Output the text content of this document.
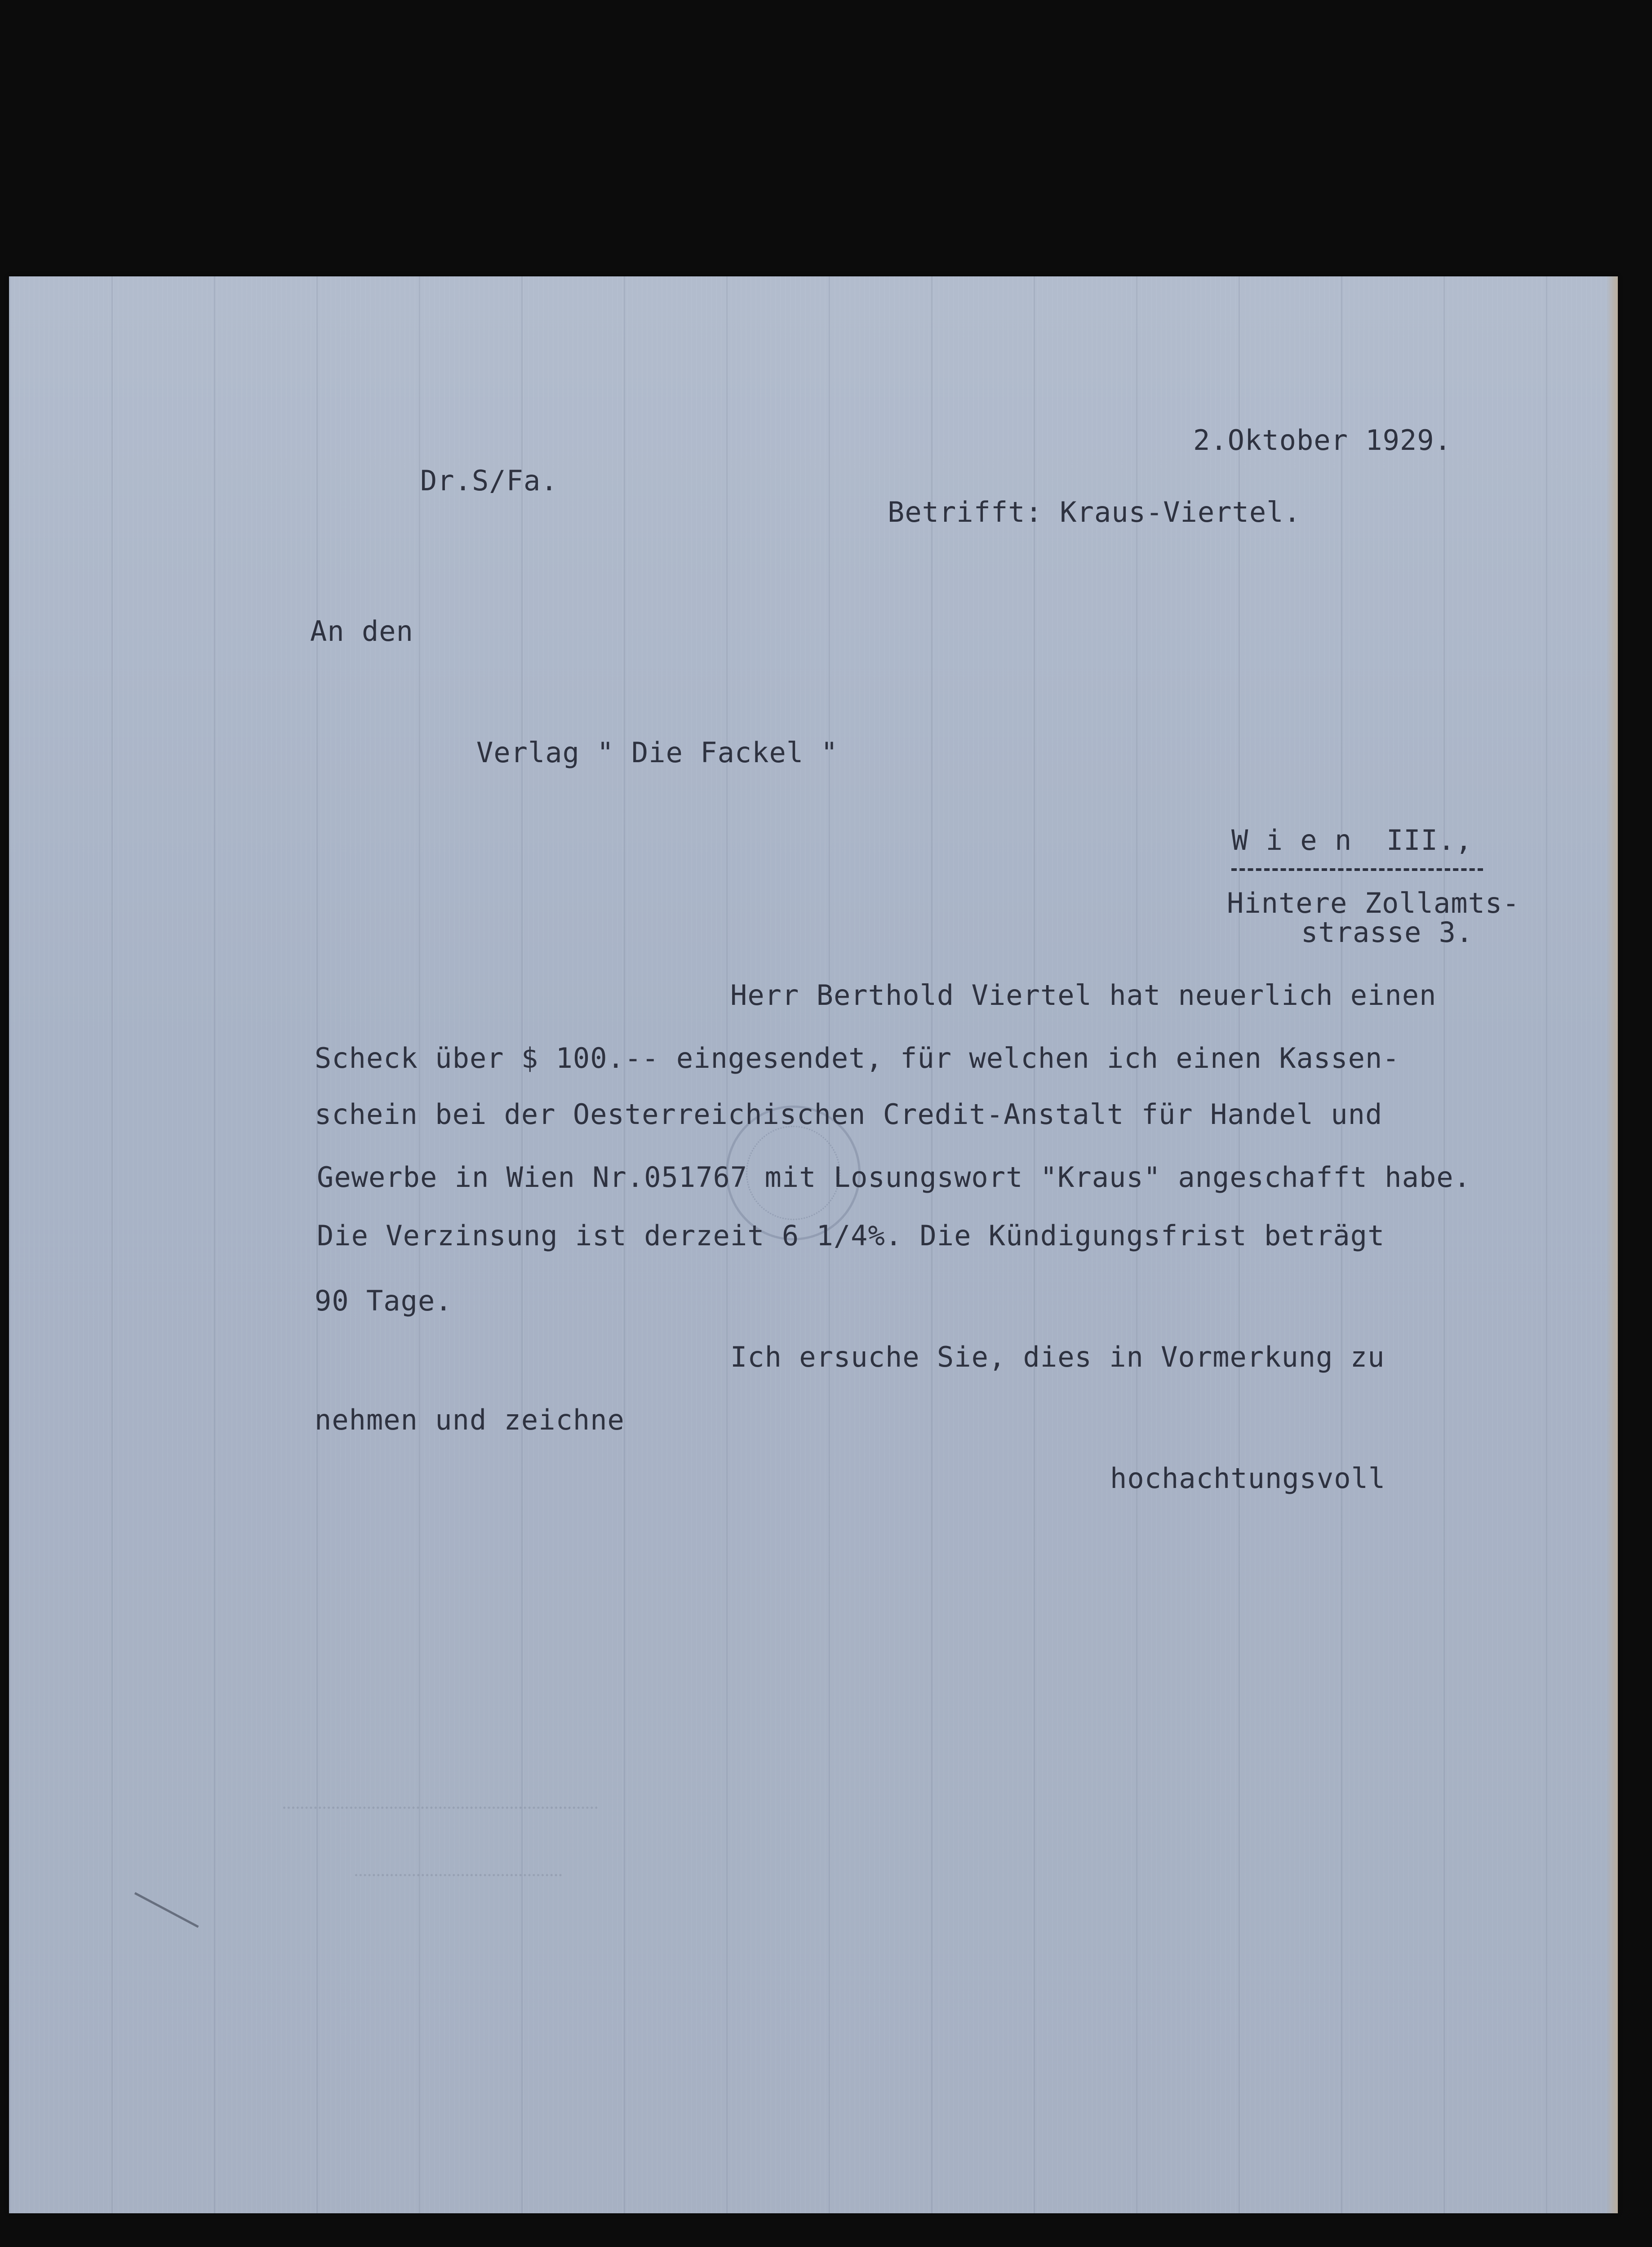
2.Oktober 1929.

Dr.S/Fa.

Betrifft: Kraus-Viertel.

An den

Verlag " Die Fackel "

W i e n  III.,

Hintere Zollamts-

strasse 3.

Herr Berthold Viertel hat neuerlich einen

Scheck über $ 100.-- eingesendet, für welchen ich einen Kassen-

schein bei der Oesterreichischen Credit-Anstalt für Handel und

Gewerbe in Wien Nr.051767 mit Losungswort "Kraus" angeschafft habe.

Die Verzinsung ist derzeit 6 1/4%. Die Kündigungsfrist beträgt

90 Tage.

Ich ersuche Sie, dies in Vormerkung zu

nehmen und zeichne

hochachtungsvoll
